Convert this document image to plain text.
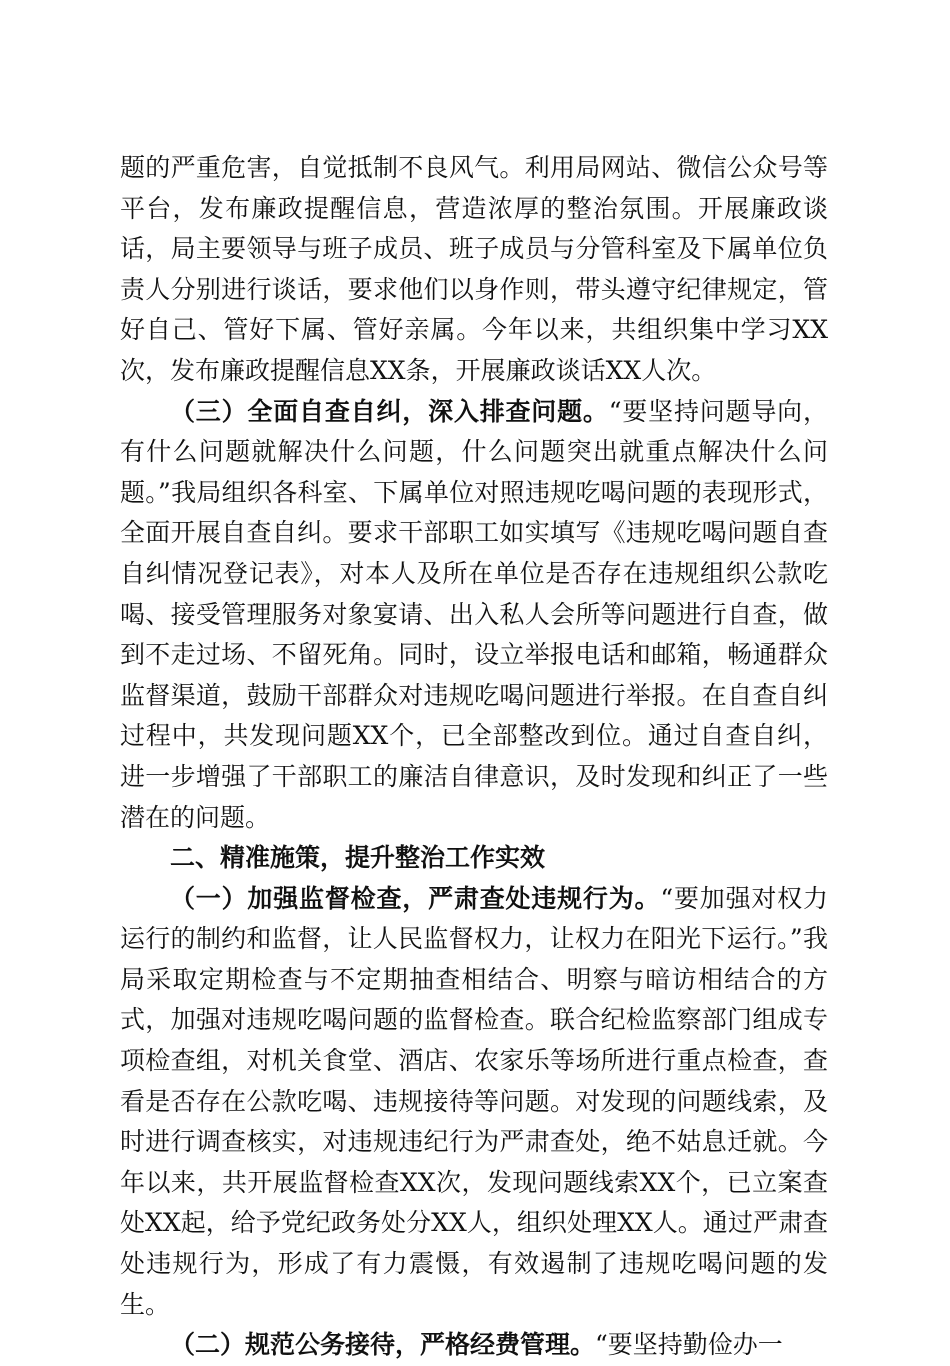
题的严重危害，自觉抵制不良风气。利用局网站、微信公众号等平台，发布廉政提醒信息，营造浓厚的整治氛围。开展廉政谈话，局主要领导与班子成员、班子成员与分管科室及下属单位负责人分别进行谈话，要求他们以身作则，带头遵守纪律规定，管好自己、管好下属、管好亲属。今年以来，共组织集中学习XX次，发布廉政提醒信息XX条，开展廉政谈话XX人次。

（三）全面自查自纠，深入排查问题。“要坚持问题导向，有什么问题就解决什么问题，什么问题突出就重点解决什么问题。”我局组织各科室、下属单位对照违规吃喝问题的表现形式，全面开展自查自纠。要求干部职工如实填写《违规吃喝问题自查自纠情况登记表》，对本人及所在单位是否存在违规组织公款吃喝、接受管理服务对象宴请、出入私人会所等问题进行自查，做到不走过场、不留死角。同时，设立举报电话和邮箱，畅通群众监督渠道，鼓励干部群众对违规吃喝问题进行举报。在自查自纠过程中，共发现问题XX个，已全部整改到位。通过自查自纠，进一步增强了干部职工的廉洁自律意识，及时发现和纠正了一些潜在的问题。

二、精准施策，提升整治工作实效

（一）加强监督检查，严肃查处违规行为。“要加强对权力运行的制约和监督，让人民监督权力，让权力在阳光下运行。”我局采取定期检查与不定期抽查相结合、明察与暗访相结合的方式，加强对违规吃喝问题的监督检查。联合纪检监察部门组成专项检查组，对机关食堂、酒店、农家乐等场所进行重点检查，查看是否存在公款吃喝、违规接待等问题。对发现的问题线索，及时进行调查核实，对违规违纪行为严肃查处，绝不姑息迁就。今年以来，共开展监督检查XX次，发现问题线索XX个，已立案查处XX起，给予党纪政务处分XX人，组织处理XX人。通过严肃查处违规行为，形成了有力震慑，有效遏制了违规吃喝问题的发生。

（二）规范公务接待，严格经费管理。“要坚持勤俭办一
